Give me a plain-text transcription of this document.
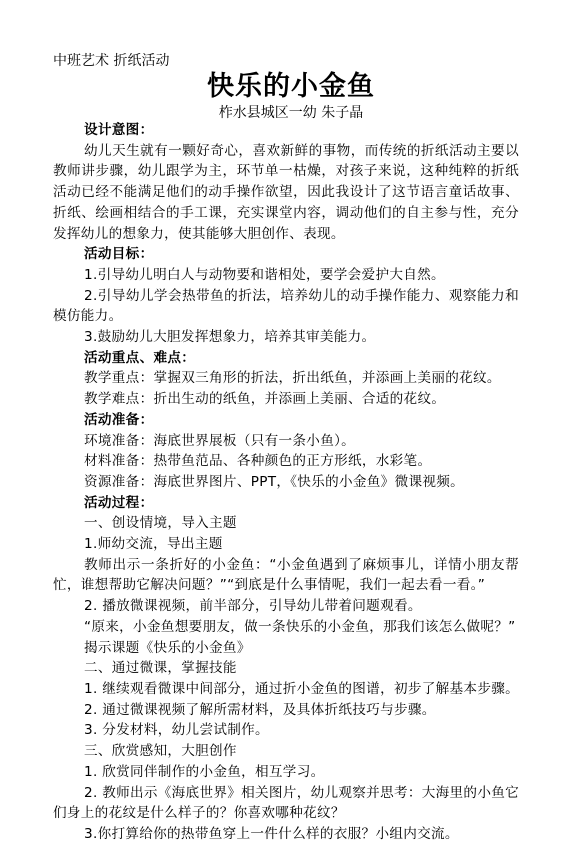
中班艺术 折纸活动
快乐的小金鱼
柞水县城区一幼 朱子晶

设计意图：

幼儿天生就有一颗好奇心，喜欢新鲜的事物，而传统的折纸活动主要以教师讲步骤，幼儿跟学为主，环节单一枯燥，对孩子来说，这种纯粹的折纸活动已经不能满足他们的动手操作欲望，因此我设计了这节语言童话故事、折纸、绘画相结合的手工课，充实课堂内容，调动他们的自主参与性，充分发挥幼儿的想象力，使其能够大胆创作、表现。

活动目标：

1.引导幼儿明白人与动物要和谐相处，要学会爱护大自然。

2.引导幼儿学会热带鱼的折法，培养幼儿的动手操作能力、观察能力和模仿能力。

3.鼓励幼儿大胆发挥想象力，培养其审美能力。

活动重点、难点：

教学重点：掌握双三角形的折法，折出纸鱼，并添画上美丽的花纹。

教学难点：折出生动的纸鱼，并添画上美丽、合适的花纹。

活动准备：

环境准备：海底世界展板（只有一条小鱼）。

材料准备：热带鱼范品、各种颜色的正方形纸，水彩笔。

资源准备：海底世界图片、PPT，《快乐的小金鱼》微课视频。

活动过程：

一、创设情境，导入主题

1.师幼交流，导出主题

教师出示一条折好的小金鱼：“小金鱼遇到了麻烦事儿，详情小朋友帮忙，谁想帮助它解决问题？”“到底是什么事情呢，我们一起去看一看。”

2. 播放微课视频，前半部分，引导幼儿带着问题观看。

“原来，小金鱼想要朋友，做一条快乐的小金鱼，那我们该怎么做呢？”

揭示课题《快乐的小金鱼》

二、通过微课，掌握技能

1. 继续观看微课中间部分，通过折小金鱼的图谱，初步了解基本步骤。

2. 通过微课视频了解所需材料，及具体折纸技巧与步骤。

3. 分发材料，幼儿尝试制作。

三、欣赏感知，大胆创作

1. 欣赏同伴制作的小金鱼，相互学习。

2. 教师出示《海底世界》相关图片，幼儿观察并思考：大海里的小鱼它们身上的花纹是什么样子的？你喜欢哪种花纹？

3.你打算给你的热带鱼穿上一件什么样的衣服？小组内交流。
